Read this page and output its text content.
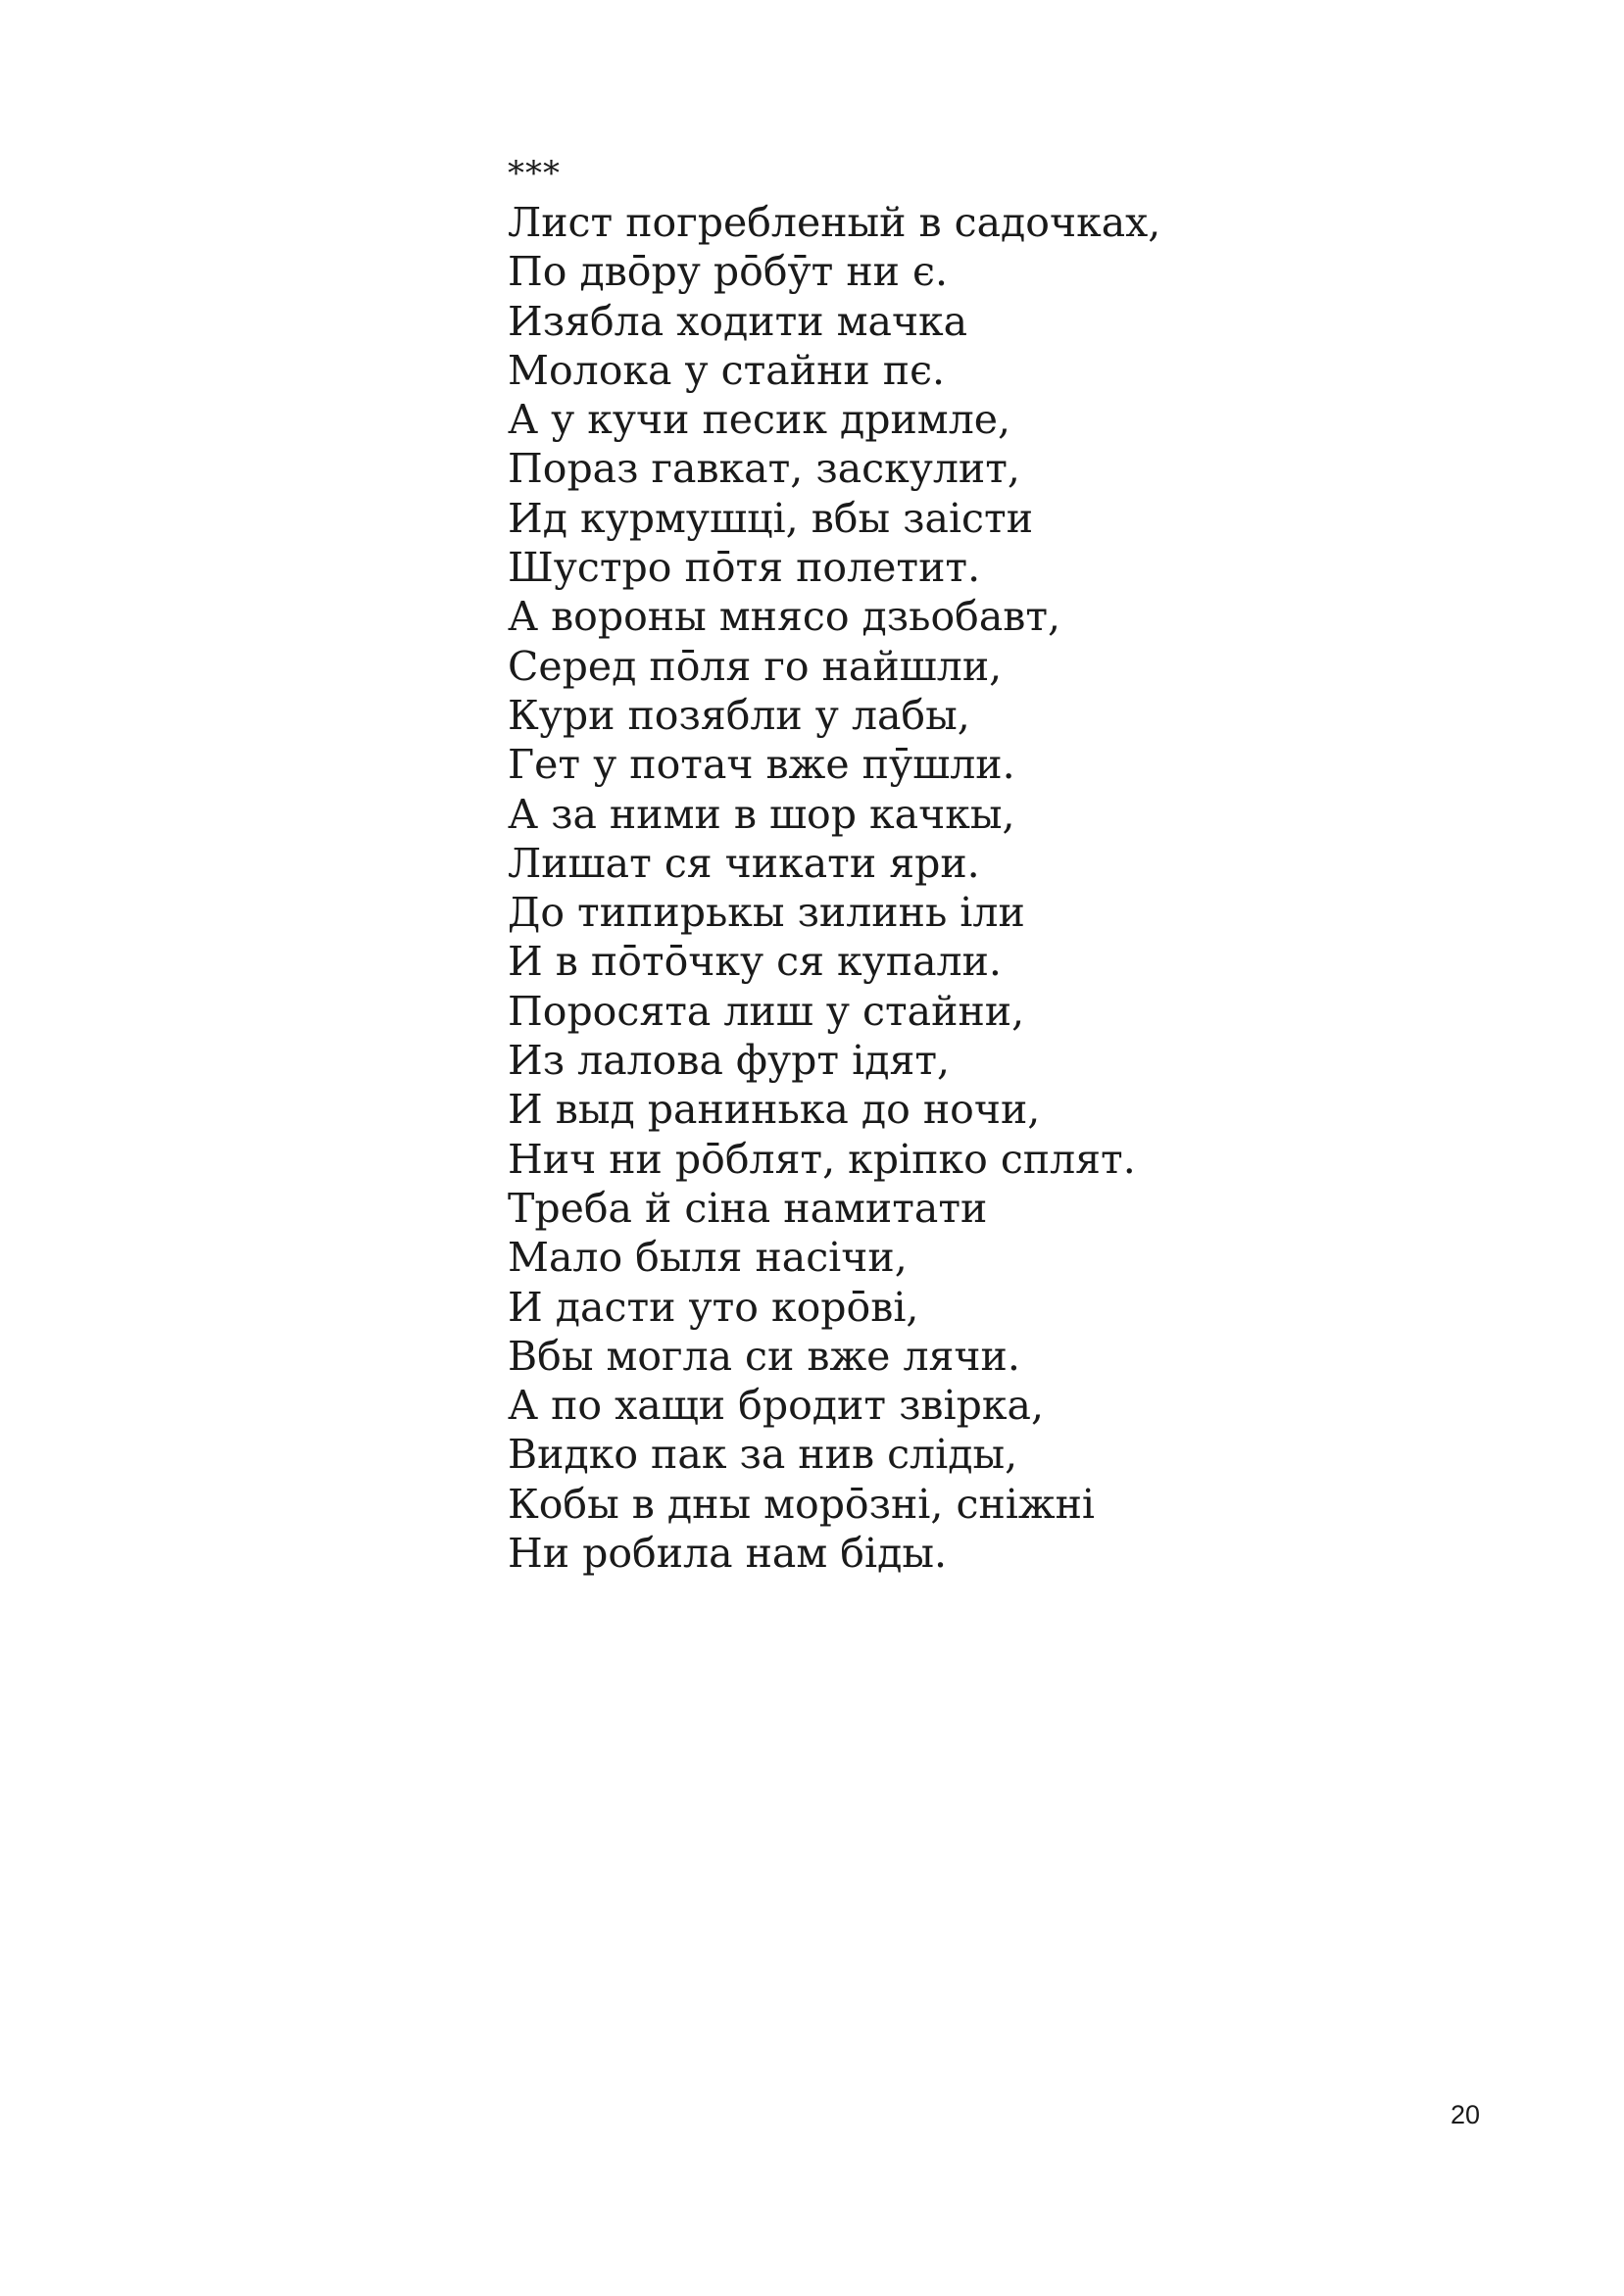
***
Лист погребленый в садочках,
По двōру рōбӯт ни є.
Изябла ходити мачка
Молока у стайни пє.
А у кучи песик дримле,
Пораз гавкат, заскулит,
Ид курмушці, вбы заісти
Шустро пōтя полетит.
А вороны мнясо дзьобавт,
Серед пōля го найшли,
Кури позябли у лабы,
Гет у потач вже пӯшли.
А за ними в шор качкы,
Лишат ся чикати яри.
До типирькы зилинь іли
И в пōтōчку ся купали.
Поросята лиш у стайни,
Из лалова фурт ідят,
И выд ранинька до ночи,
Нич ни рōблят, кріпко сплят.
Треба й сіна намитати
Мало быля насічи,
И дасти уто корōві,
Вбы могла си вже лячи.
А по хащи бродит звірка,
Видко пак за нив сліды,
Кобы в дны морōзні, сніжні
Ни робила нам біды.
20
